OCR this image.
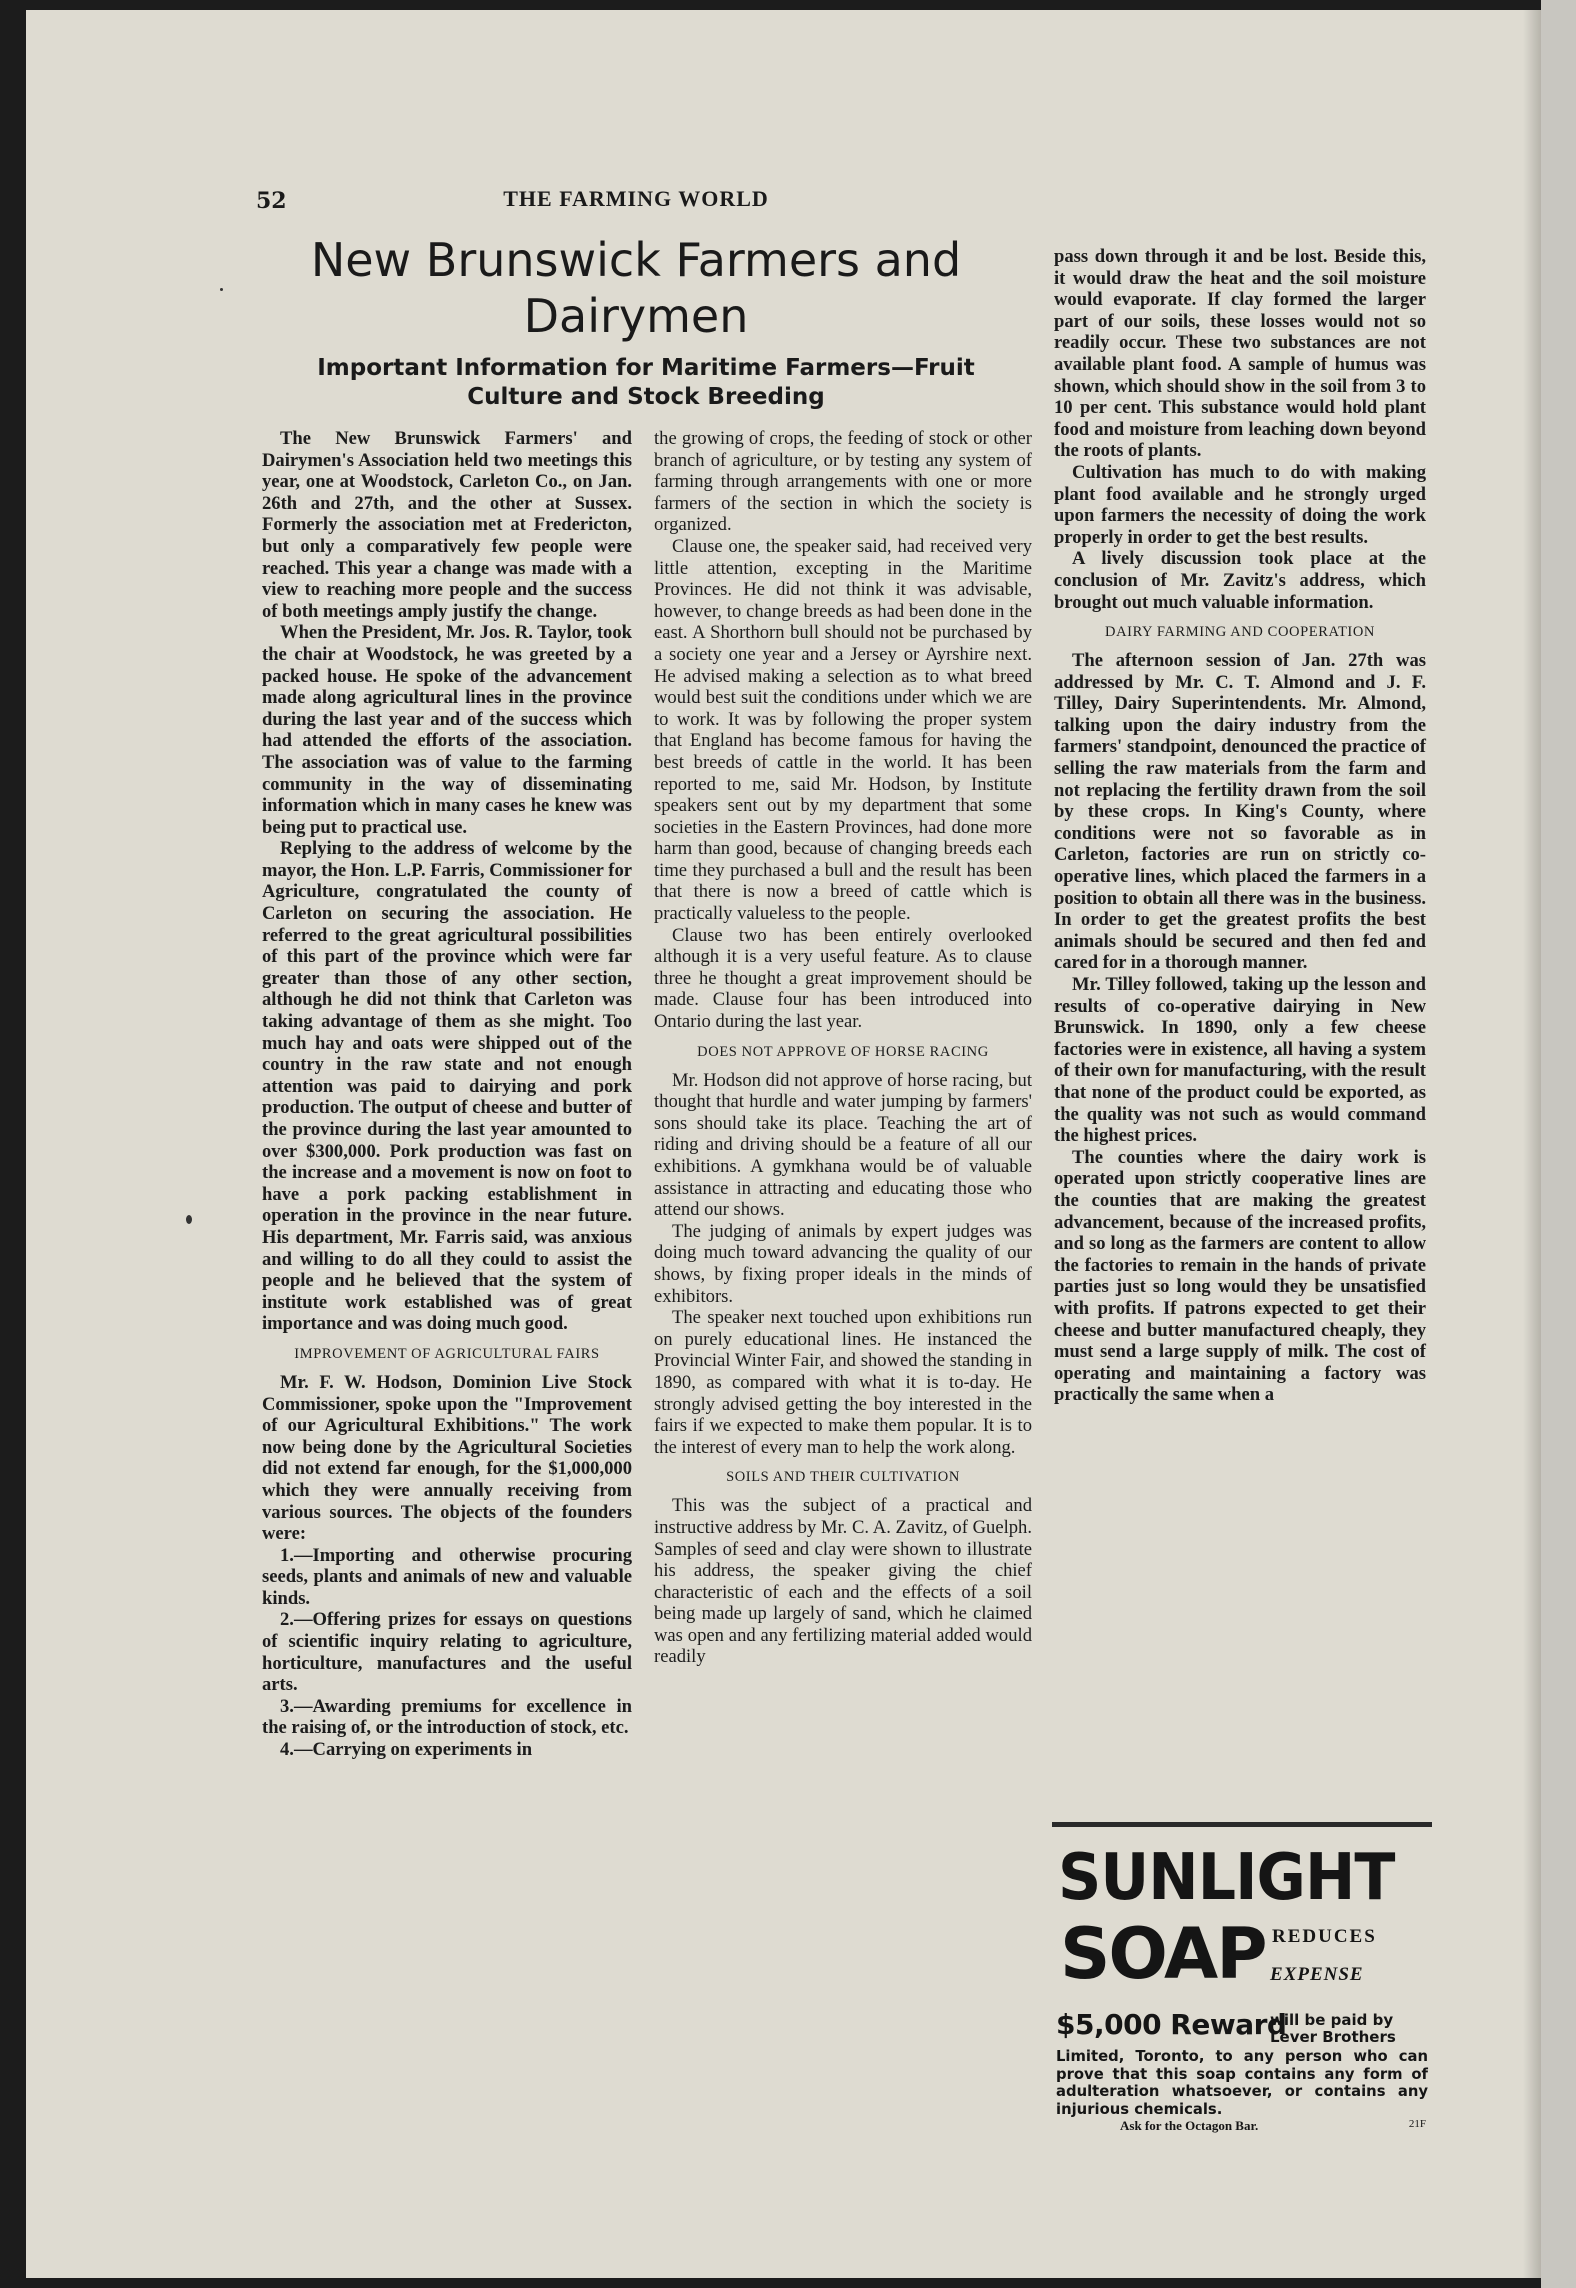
52	THE FARMING WORLD
New Brunswick Farmers and Dairymen
Important Information for Maritime Farmers—Fruit Culture and Stock Breeding

The New Brunswick Farmers' and Dairymen's Association held two meetings this year, one at Woodstock, Carleton Co., on Jan. 26th and 27th, and the other at Sussex. Formerly the association met at Fredericton, but only a comparatively few people were reached. This year a change was made with a view to reaching more people and the success of both meetings amply justify the change.

When the President, Mr. Jos. R. Taylor, took the chair at Woodstock, he was greeted by a packed house. He spoke of the advancement made along agricultural lines in the province during the last year and of the success which had attended the efforts of the association. The association was of value to the farming community in the way of disseminating information which in many cases he knew was being put to practical use.

Replying to the address of welcome by the mayor, the Hon. L.P. Farris, Commissioner for Agriculture, congratulated the county of Carleton on securing the association. He referred to the great agricultural possibilities of this part of the province which were far greater than those of any other section, although he did not think that Carleton was taking advantage of them as she might. Too much hay and oats were shipped out of the country in the raw state and not enough attention was paid to dairying and pork production. The output of cheese and butter of the province during the last year amounted to over $300,000. Pork production was fast on the increase and a movement is now on foot to have a pork packing establishment in operation in the province in the near future. His department, Mr. Farris said, was anxious and willing to do all they could to assist the people and he believed that the system of institute work established was of great importance and was doing much good.

IMPROVEMENT OF AGRICULTURAL FAIRS

Mr. F. W. Hodson, Dominion Live Stock Commissioner, spoke upon the "Improvement of our Agricultural Exhibitions." The work now being done by the Agricultural Societies did not extend far enough, for the $1,000,000 which they were annually receiving from various sources. The objects of the founders were:

1.—Importing and otherwise procuring seeds, plants and animals of new and valuable kinds.
2.—Offering prizes for essays on questions of scientific inquiry relating to agriculture, horticulture, manufactures and the useful arts.
3.—Awarding premiums for excellence in the raising of, or the introduction of stock, etc.
4.—Carrying on experiments in

the growing of crops, the feeding of stock or other branch of agriculture, or by testing any system of farming through arrangements with one or more farmers of the section in which the society is organized.

Clause one, the speaker said, had received very little attention, excepting in the Maritime Provinces. He did not think it was advisable, however, to change breeds as had been done in the east. A Shorthorn bull should not be purchased by a society one year and a Jersey or Ayrshire next. He advised making a selection as to what breed would best suit the conditions under which we are to work. It was by following the proper system that England has become famous for having the best breeds of cattle in the world. It has been reported to me, said Mr. Hodson, by Institute speakers sent out by my department that some societies in the Eastern Provinces, had done more harm than good, because of changing breeds each time they purchased a bull and the result has been that there is now a breed of cattle which is practically valueless to the people.

Clause two has been entirely overlooked although it is a very useful feature. As to clause three he thought a great improvement should be made. Clause four has been introduced into Ontario during the last year.

DOES NOT APPROVE OF HORSE RACING

Mr. Hodson did not approve of horse racing, but thought that hurdle and water jumping by farmers' sons should take its place. Teaching the art of riding and driving should be a feature of all our exhibitions. A gymkhana would be of valuable assistance in attracting and educating those who attend our shows.

The judging of animals by expert judges was doing much toward advancing the quality of our shows, by fixing proper ideals in the minds of exhibitors.

The speaker next touched upon exhibitions run on purely educational lines. He instanced the Provincial Winter Fair, and showed the standing in 1890, as compared with what it is to-day. He strongly advised getting the boy interested in the fairs if we expected to make them popular. It is to the interest of every man to help the work along.

SOILS AND THEIR CULTIVATION

This was the subject of a practical and instructive address by Mr. C. A. Zavitz, of Guelph. Samples of seed and clay were shown to illustrate his address, the speaker giving the chief characteristic of each and the effects of a soil being made up largely of sand, which he claimed was open and any fertilizing material added would readily

pass down through it and be lost. Beside this, it would draw the heat and the soil moisture would evaporate. If clay formed the larger part of our soils, these losses would not so readily occur. These two substances are not available plant food. A sample of humus was shown, which should show in the soil from 3 to 10 per cent. This substance would hold plant food and moisture from leaching down beyond the roots of plants.

Cultivation has much to do with making plant food available and he strongly urged upon farmers the necessity of doing the work properly in order to get the best results.

A lively discussion took place at the conclusion of Mr. Zavitz's address, which brought out much valuable information.

DAIRY FARMING AND COOPERATION

The afternoon session of Jan. 27th was addressed by Mr. C. T. Almond and J. F. Tilley, Dairy Superintendents. Mr. Almond, talking upon the dairy industry from the farmers' standpoint, denounced the practice of selling the raw materials from the farm and not replacing the fertility drawn from the soil by these crops. In King's County, where conditions were not so favorable as in Carleton, factories are run on strictly co-operative lines, which placed the farmers in a position to obtain all there was in the business. In order to get the greatest profits the best animals should be secured and then fed and cared for in a thorough manner.

Mr. Tilley followed, taking up the lesson and results of co-operative dairying in New Brunswick. In 1890, only a few cheese factories were in existence, all having a system of their own for manufacturing, with the result that none of the product could be exported, as the quality was not such as would command the highest prices.

The counties where the dairy work is operated upon strictly cooperative lines are the counties that are making the greatest advancement, because of the increased profits, and so long as the farmers are content to allow the factories to remain in the hands of private parties just so long would they be unsatisfied with profits. If patrons expected to get their cheese and butter manufactured cheaply, they must send a large supply of milk. The cost of operating and maintaining a factory was practically the same when a

SUNLIGHT
SOAP REDUCES
EXPENSE
$5,000 Reward
will be paid by Lever Brothers
Limited, Toronto, to any person who can prove that this soap contains any form of adulteration whatsoever, or contains any injurious chemicals.
Ask for the Octagon Bar.	21F
